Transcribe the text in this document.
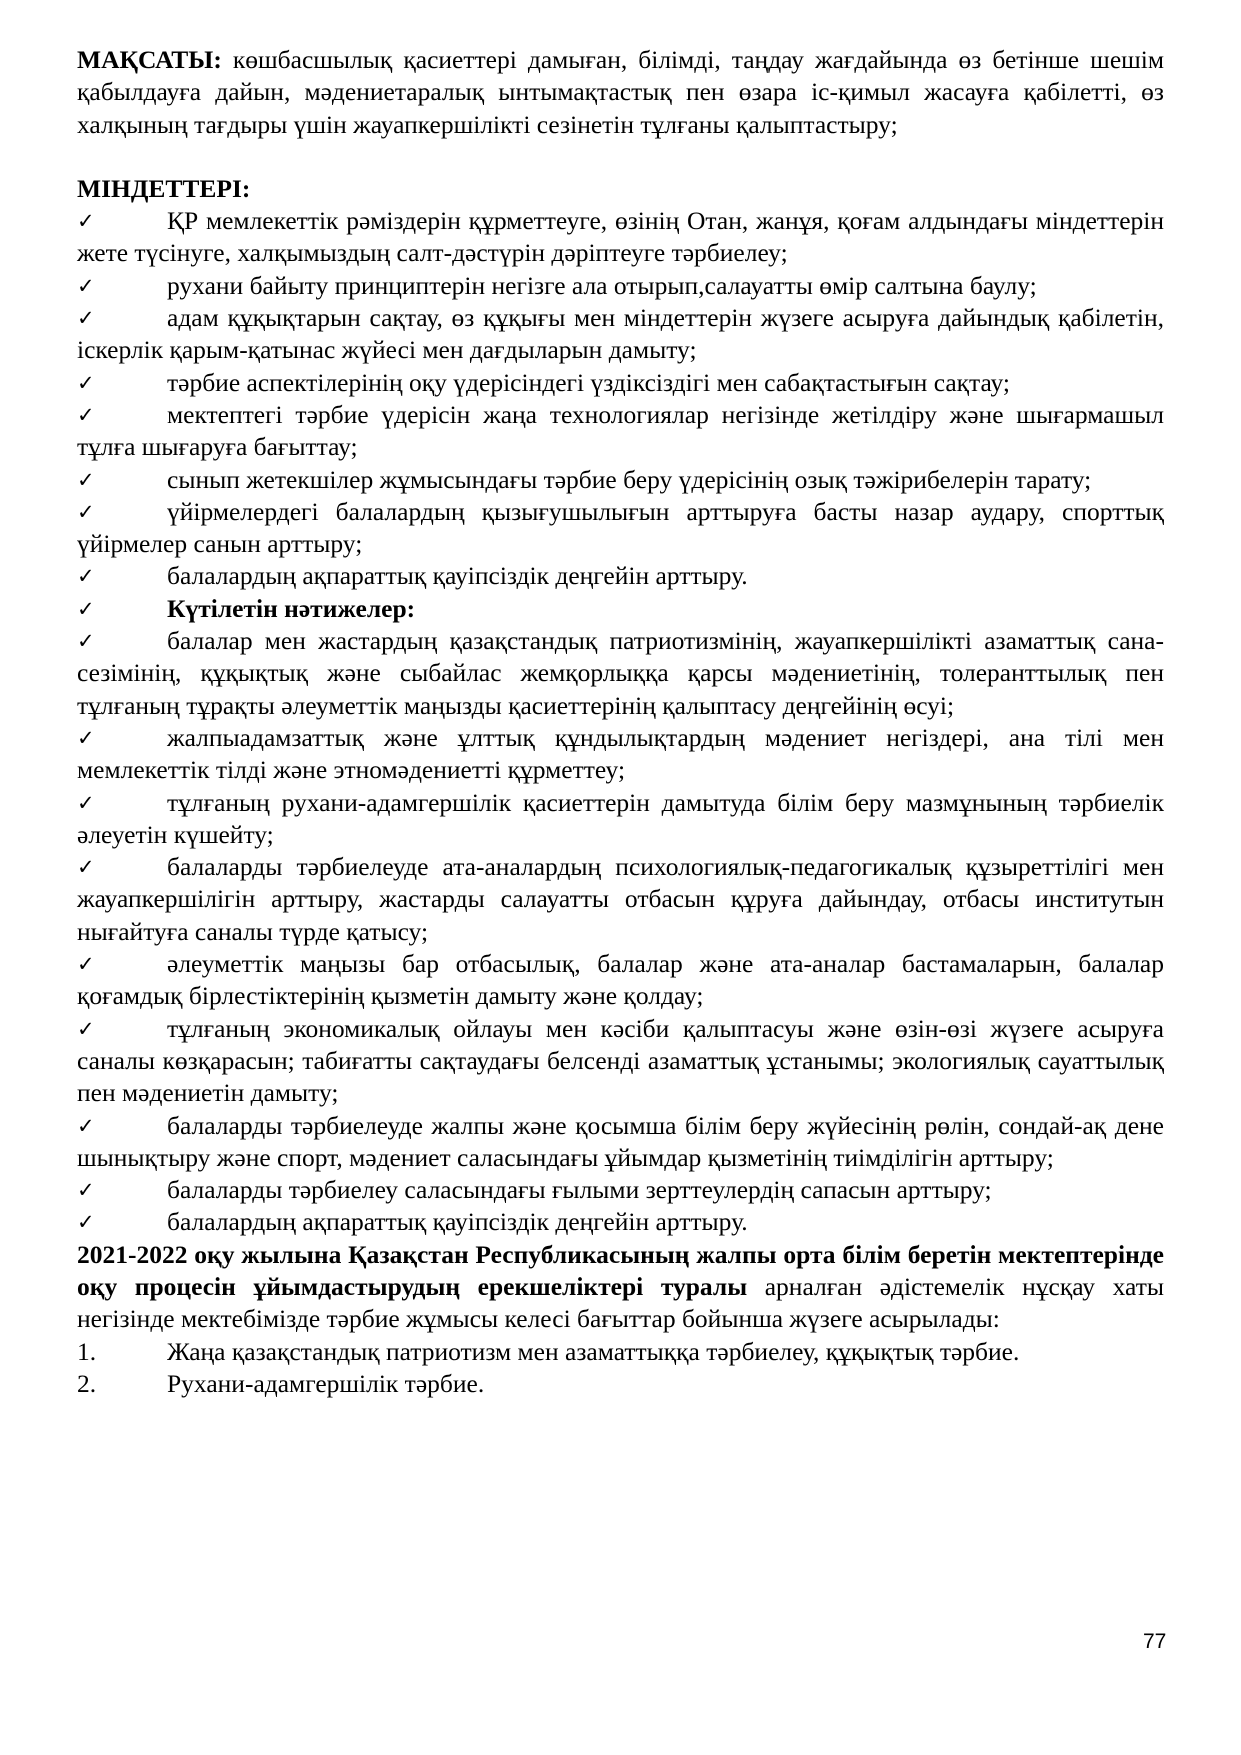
МАҚСАТЫ: көшбасшылық қасиеттері дамыған, білімді, таңдау жағдайында өз бетінше шешім қабылдауға дайын, мәдениетаралық ынтымақтастық пен өзара іс-қимыл жасауға қабілетті, өз халқының тағдыры үшін жауапкершілікті сезінетін тұлғаны қалыптастыру;

МІНДЕТТЕРІ:

✓	ҚР мемлекеттік рәміздерін құрметтеуге, өзінің Отан, жанұя, қоғам алдындағы міндеттерін жете түсінуге, халқымыздың салт-дәстүрін дәріптеуге тәрбиелеу;

✓	рухани байыту принциптерін негізге ала отырып,салауатты өмір салтына баулу;

✓	адам құқықтарын сақтау, өз құқығы мен міндеттерін жүзеге асыруға дайындық қабілетін, іскерлік қарым-қатынас жүйесі мен дағдыларын дамыту;

✓	тәрбие аспектілерінің оқу үдерісіндегі үздіксіздігі мен сабақтастығын сақтау;

✓	мектептегі тәрбие үдерісін жаңа технологиялар негізінде жетілдіру және шығармашыл тұлға шығаруға бағыттау;

✓	сынып жетекшілер жұмысындағы тәрбие беру үдерісінің озық тәжірибелерін тарату;

✓	үйірмелердегі балалардың қызығушылығын арттыруға басты назар аудару, спорттық үйірмелер санын арттыру;

✓	балалардың ақпараттық қауіпсіздік деңгейін арттыру.

✓	Күтілетін нәтижелер:

✓	балалар мен жастардың қазақстандық патриотизмінің, жауапкершілікті азаматтық сана-сезімінің, құқықтық және сыбайлас жемқорлыққа қарсы мәдениетінің, толеранттылық пен тұлғаның тұрақты әлеуметтік маңызды қасиеттерінің қалыптасу деңгейінің өсуі;

✓	жалпыадамзаттық және ұлттық құндылықтардың мәдениет негіздері, ана тілі мен мемлекеттік тілді және этномәдениетті құрметтеу;

✓	тұлғаның рухани-адамгершілік қасиеттерін дамытуда білім беру мазмұнының тәрбиелік әлеуетін күшейту;

✓	балаларды тәрбиелеуде ата-аналардың психологиялық-педагогикалық құзыреттілігі мен жауапкершілігін арттыру, жастарды салауатты отбасын құруға дайындау, отбасы институтын нығайтуға саналы түрде қатысу;

✓	әлеуметтік маңызы бар отбасылық, балалар және ата-аналар бастамаларын, балалар қоғамдық бірлестіктерінің қызметін дамыту және қолдау;

✓	тұлғаның экономикалық ойлауы мен кәсіби қалыптасуы және өзін-өзі жүзеге асыруға саналы көзқарасын; табиғатты сақтаудағы белсенді азаматтық ұстанымы; экологиялық сауаттылық пен мәдениетін дамыту;

✓	балаларды тәрбиелеуде жалпы және қосымша білім беру жүйесінің рөлін, сондай-ақ дене шынықтыру және спорт, мәдениет саласындағы ұйымдар қызметінің тиімділігін арттыру;

✓	балаларды тәрбиелеу саласындағы ғылыми зерттеулердің сапасын арттыру;

✓	балалардың ақпараттық қауіпсіздік деңгейін арттыру.

2021-2022 оқу жылына Қазақстан Республикасының жалпы орта білім беретін мектептерінде оқу процесін ұйымдастырудың ерекшеліктері туралы арналған әдістемелік нұсқау хаты негізінде мектебімізде тәрбие жұмысы келесі бағыттар бойынша жүзеге асырылады:

1.	Жаңа қазақстандық патриотизм мен азаматтыққа тәрбиелеу, құқықтық тәрбие.

2.	Рухани-адамгершілік тәрбие.

77
